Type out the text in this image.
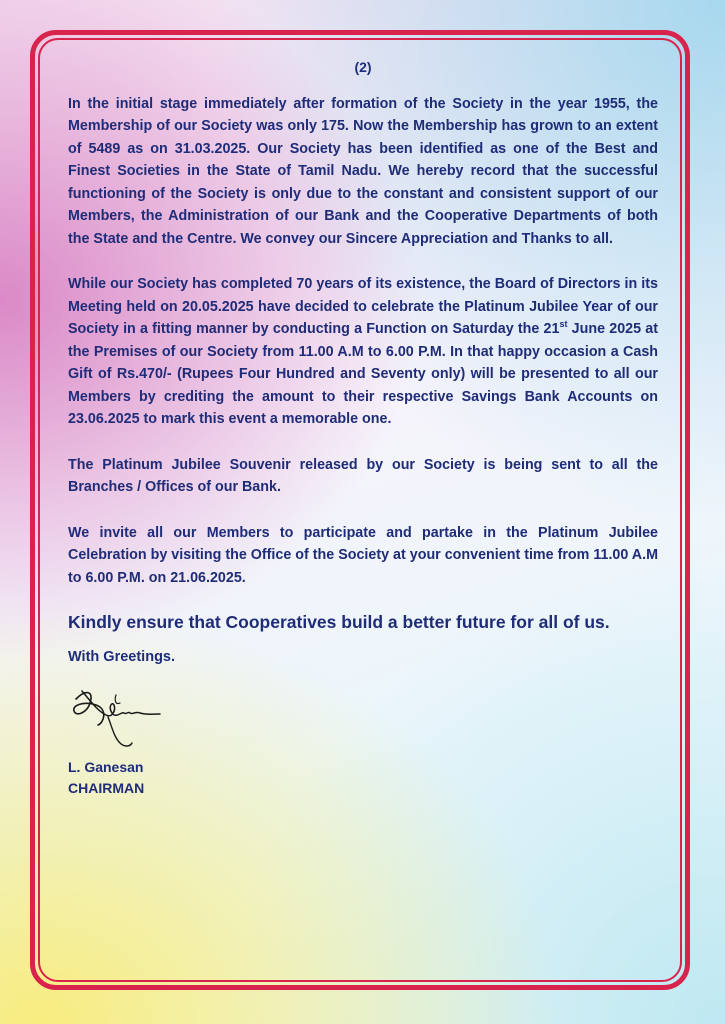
(2)

In the initial stage immediately after formation of the Society in the year 1955, the Membership of our Society was only 175. Now the Membership has grown to an extent of 5489 as on 31.03.2025. Our Society has been identified as one of the Best and Finest Societies in the State of Tamil Nadu. We hereby record that the successful functioning of the Society is only due to the constant and consistent support of our Members, the Administration of our Bank and the Cooperative Departments of both the State and the Centre. We convey our Sincere Appreciation and Thanks to all.

While our Society has completed 70 years of its existence, the Board of Directors in its Meeting held on 20.05.2025 have decided to celebrate the Platinum Jubilee Year of our Society in a fitting manner by conducting a Function on Saturday the 21st June 2025 at the Premises of our Society from 11.00 A.M to 6.00 P.M. In that happy occasion a Cash Gift of Rs.470/- (Rupees Four Hundred and Seventy only) will be presented to all our Members by crediting the amount to their respective Savings Bank Accounts on 23.06.2025 to mark this event a memorable one.

The Platinum Jubilee Souvenir released by our Society is being sent to all the Branches / Offices of our Bank.

We invite all our Members to participate and partake in the Platinum Jubilee Celebration by visiting the Office of the Society at your convenient time from 11.00 A.M to 6.00 P.M. on 21.06.2025.

Kindly ensure that Cooperatives build a better future for all of us.
With Greetings.
L. Ganesan
CHAIRMAN
